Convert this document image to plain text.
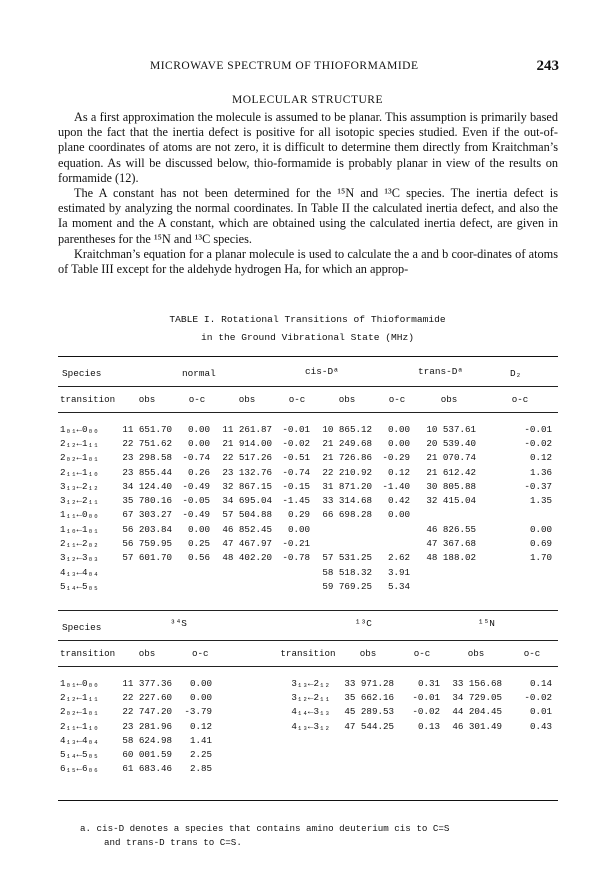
MICROWAVE SPECTRUM OF THIOFORMAMIDE	243
MOLECULAR STRUCTURE

As a first approximation the molecule is assumed to be planar. This assumption is primarily based upon the fact that the inertia defect is positive for all isotopic species studied. Even if the out-of-plane coordinates of atoms are not zero, it is difficult to determine them directly from Kraitchman’s equation. As will be discussed below, thio-formamide is probably planar in view of the results on formamide (12).

The A constant has not been determined for the ¹⁵N and ¹³C species. The inertia defect is estimated by analyzing the normal coordinates. In Table II the calculated inertia defect, and also the Ia moment and the A constant, which are obtained using the calculated inertia defect, are given in parentheses for the ¹⁵N and ¹³C species.

Kraitchman’s equation for a planar molecule is used to calculate the a and b coor-dinates of atoms of Table III except for the aldehyde hydrogen Ha, for which an approp-

TABLE I. Rotational Transitions of Thioformamide
in the Ground Vibrational State (MHz)
Species	normal	cis-Dᵃ	trans-Dᵃ	D₂
transition	obs	o-c	obs	o-c	obs	o-c	obs	o-c
1₀₁←0₀₀	11 651.70	0.00	11 261.87	-0.01	10 865.12	0.00	10 537.61	-0.01
2₁₂←1₁₁	22 751.62	0.00	21 914.00	-0.02	21 249.68	0.00	20 539.40	-0.02
2₀₂←1₀₁	23 298.58	-0.74	22 517.26	-0.51	21 726.86	-0.29	21 070.74	0.12
2₁₁←1₁₀	23 855.44	0.26	23 132.76	-0.74	22 210.92	0.12	21 612.42	1.36
3₁₃←2₁₂	34 124.40	-0.49	32 867.15	-0.15	31 871.20	-1.40	30 805.88	-0.37
3₁₂←2₁₁	35 780.16	-0.05	34 695.04	-1.45	33 314.68	0.42	32 415.04	1.35
1₁₁←0₀₀	67 303.27	-0.49	57 504.88	0.29	66 698.28	0.00		
1₁₀←1₀₁	56 203.84	0.00	46 852.45	0.00			46 826.55	0.00
2₁₁←2₀₂	56 759.95	0.25	47 467.97	-0.21			47 367.68	0.69
3₁₂←3₀₃	57 601.70	0.56	48 402.20	-0.78	57 531.25	2.62	48 188.02	1.70
4₁₃←4₀₄					58 518.32	3.91		
5₁₄←5₀₅					59 769.25	5.34		
Species	³⁴S	¹³C	¹⁵N
transition	obs	o-c	transition	obs	o-c	obs	o-c
1₀₁←0₀₀	11 377.36	0.00	3₁₃←2₁₂	33 971.28	0.31	33 156.68	0.14
2₁₂←1₁₁	22 227.60	0.00	3₁₂←2₁₁	35 662.16	-0.01	34 729.05	-0.02
2₀₂←1₀₁	22 747.20	-3.79	4₁₄←3₁₃	45 289.53	-0.02	44 204.45	0.01
2₁₁←1₁₀	23 281.96	0.12	4₁₃←3₁₂	47 544.25	0.13	46 301.49	0.43
4₁₃←4₀₄	58 624.98	1.41					
5₁₄←5₀₅	60 001.59	2.25					
6₁₅←6₀₆	61 683.46	2.85					
a. cis-D denotes a species that contains amino deuterium cis to C=S
and trans-D trans to C=S.
